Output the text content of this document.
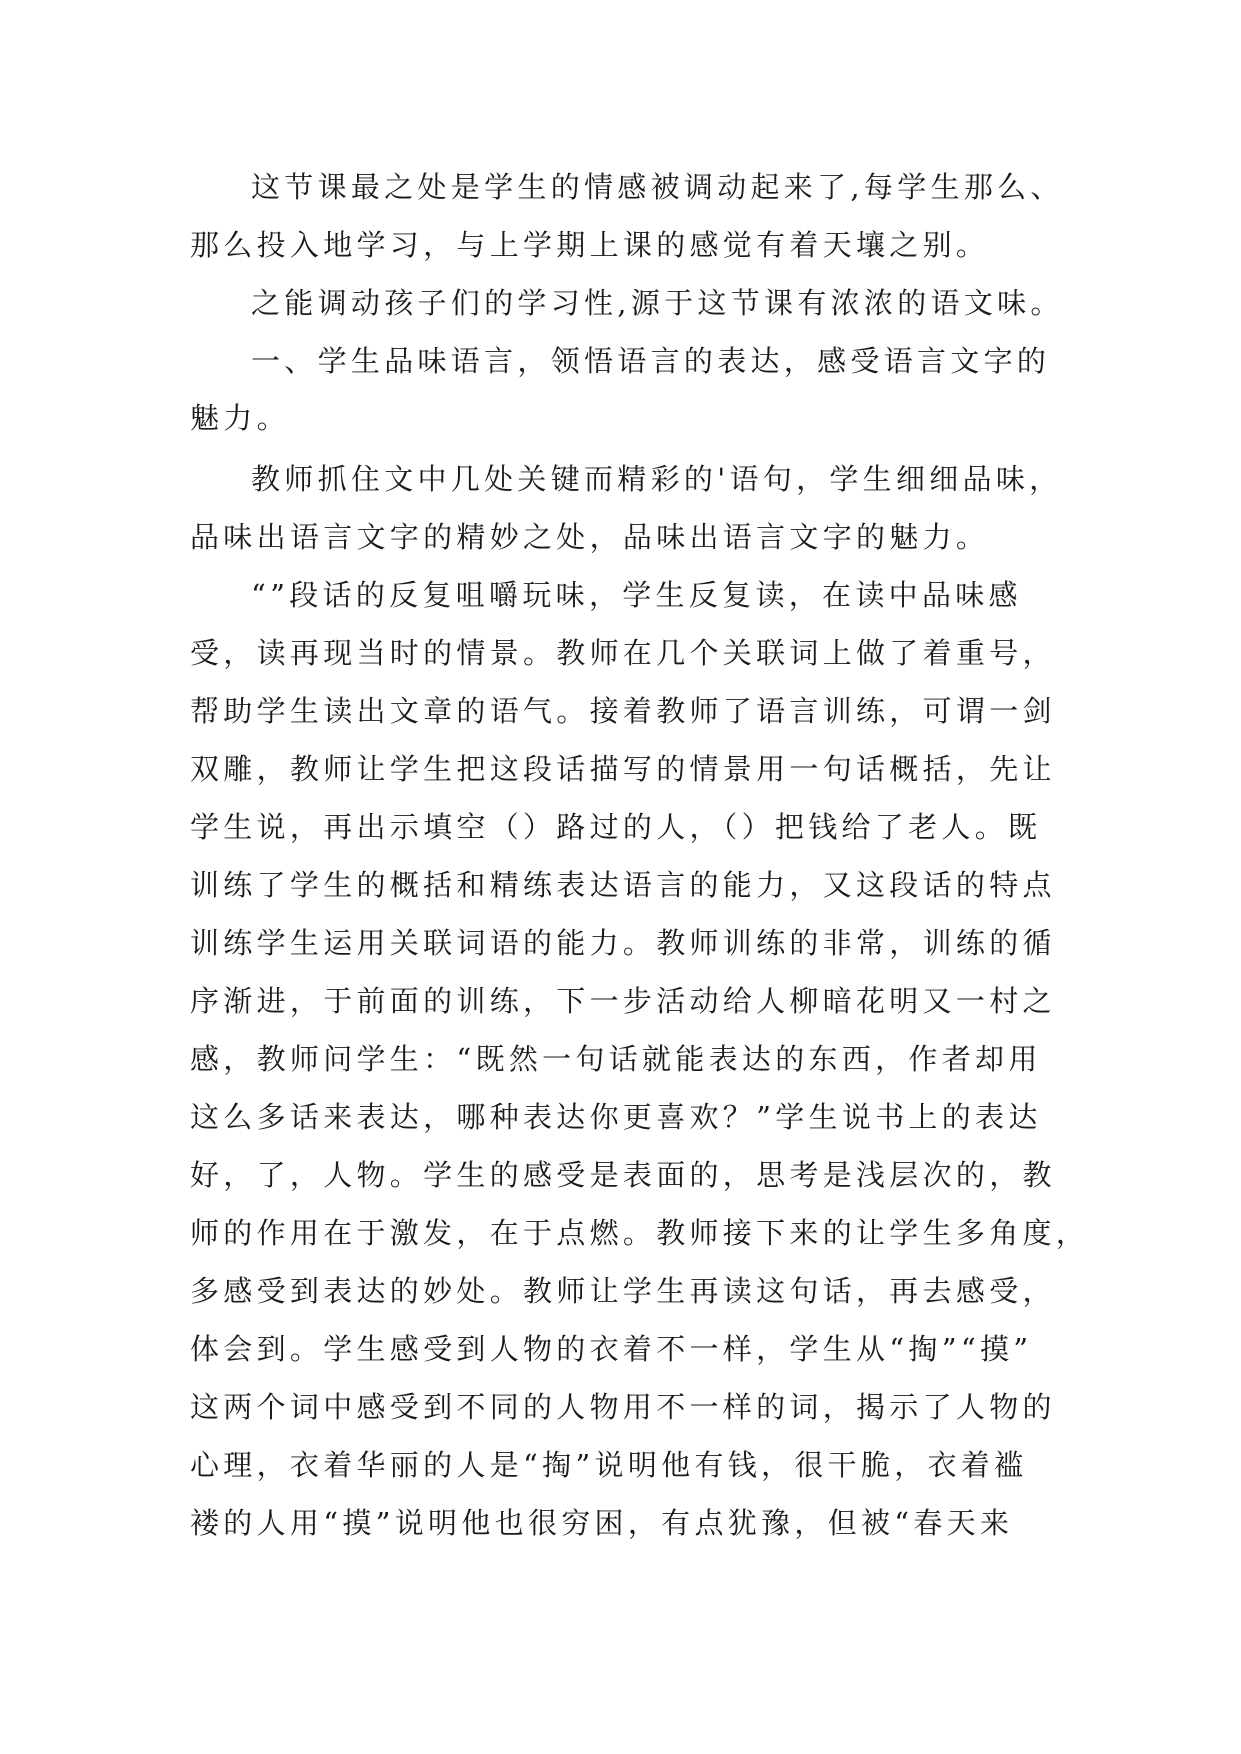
这节课最之处是学生的情感被调动起来了,每学生那么、
那么投入地学习，与上学期上课的感觉有着天壤之别。
之能调动孩子们的学习性,源于这节课有浓浓的语文味。
一、学生品味语言，领悟语言的表达，感受语言文字的
魅力。
教师抓住文中几处关键而精彩的'语句，学生细细品味，
品味出语言文字的精妙之处，品味出语言文字的魅力。
“”段话的反复咀嚼玩味，学生反复读，在读中品味感
受，读再现当时的情景。教师在几个关联词上做了着重号，
帮助学生读出文章的语气。接着教师了语言训练，可谓一剑
双雕，教师让学生把这段话描写的情景用一句话概括，先让
学生说，再出示填空（）路过的人，（）把钱给了老人。既
训练了学生的概括和精练表达语言的能力，又这段话的特点
训练学生运用关联词语的能力。教师训练的非常，训练的循
序渐进，于前面的训练，下一步活动给人柳暗花明又一村之
感，教师问学生：“既然一句话就能表达的东西，作者却用
这么多话来表达，哪种表达你更喜欢？”学生说书上的表达
好，了，人物。学生的感受是表面的，思考是浅层次的，教
师的作用在于激发，在于点燃。教师接下来的让学生多角度，
多感受到表达的妙处。教师让学生再读这句话，再去感受，
体会到。学生感受到人物的衣着不一样，学生从“掏”“摸”
这两个词中感受到不同的人物用不一样的词，揭示了人物的
心理，衣着华丽的人是“掏”说明他有钱，很干脆，衣着褴
褛的人用“摸”说明他也很穷困，有点犹豫，但被“春天来
